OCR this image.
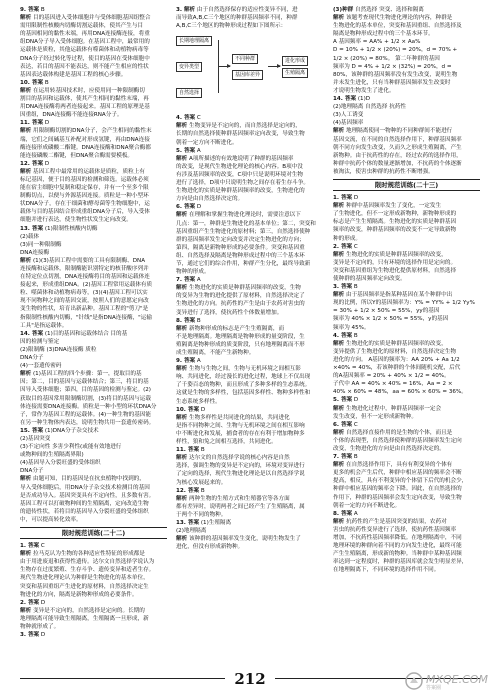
9. 答案 B
解析 目的基因进入受体细胞并与受体细胞基因组整合
需用限制性核酸内切酶切割运载体，使其产生与目
的基因相同的黏性末端，再用DNA连接酶连接，将重
组DNA分子导入受体细胞。在基因工程中，最常用的
运载体是质粒，其他运载体有噬菌体和动植物病毒等
DNA分子经过转化等过程，使目的基因在受体细胞中
表达，若目的基因不能表达，则不能产生相应的性状
基因表达载体构建是基因工程的核心步骤。
10. 答案 B
解析 在运用转基因技术时，应使用同一种限制酶切
割目的基因和运载体，使其产生相同的黏性末端，再
用DNA连接酶将两者连接起来。基因工程的原理是基
因重组，DNA连接酶不能连接RNA分子。
11. 答案 D
解析 用限制酶切割的DNA分子，会产生相同的黏性末
端，它们之间碱基互补配对形成氢键，再由DNA连接
酶连接形成磷酸二酯键。DNA连接酶和DNA聚合酶都
能连接磷酸二酯键，但DNA聚合酶需要模板。
12. 答案 D
解析 基因工程中最常用的运载体是质粒，质粒上有
标记基因，便于目的基因的检测和筛选。运载体必须
能在宿主细胞中复制和稳定保存，并有一个至多个限
制酶切点，以便与外源基因连接。质粒是一种小型环
状DNA分子，存在于细菌和酵母菌等生物细胞中，运
载体与目的基因结合形成重组DNA分子后，导入受体
细胞并进行表达，使生物性状发生定向改变。
13. 答案 (1)限制性核酸内切酶
(2)载体
(3)同一种限制酶
DNA连接酶
解析 (1)(3)基因工程中需要的工具有限制酶、DNA
连接酶和运载体，限制酶能识别特定的核苷酸序列并
在特定位点切割，DNA连接酶将目的基因和运载体连
接起来，形成重组DNA。(2)基因工程常用运载体有质
粒、噬菌体和动植物病毒等，(3)(4)基因工程可以实
现不同物种之间的基因交流，按照人们的意愿定向改
变生物的性状，培育出新品种。基因工程的"剪刀"是
指限制性核酸内切酶，"针线"是指DNA连接酶，"运输
工具"是指运载体。
14. 答案 (1)目的基因和运载体结合 目的基
因的检测与鉴定
(2)限制酶 (3)DNA连接酶 质粒
DNA分子
(4)一套遗传密码
解析 (1)基因工程的四个步骤：第一，提取目的基
因；第二，目的基因与运载体结合；第三，将目的基
因导入受体细胞；第四，目的基因的检测与鉴定。(2)
获取目的基因常用限制酶切割，(3)将目的基因与运载
体连接需要DNA连接酶。质粒是一种小型的环状DNA分
子，常作为基因工程的运载体。(4)一种生物的基因能
在另一种生物体内表达，说明生物共用一套遗传密码。
15. 答案 (1)DNA分子杂交技术
(2)基因突变
(3)不定向性 多害少利性(或能有效地进行
或物种间的生殖隔离界限)
(4)基因导入分裂旺盛的受体组织
DNA分子
解析 由题可知，目的基因是在抗虫植物中找到的，
导入受体细胞后，用DNA分子杂交技术检测目的基因
是否成功导入。基因突变具有不定向性，且多数有害。
基因工程可以打破物种间的生殖隔离，定向改造生物
的遗传性状，若将目的基因导入分裂旺盛的受体组织
中，可以提高转化效率。
限时规范训练(二十二)
1. 答案 C
解析 拉马克认为生物的各种适应性特征的形成都是
由于用进废退和获得性遗传。达尔文自然选择学说认为
生物存在过度繁殖、生存斗争、遗传变异和适者生存。
现代生物进化理论认为种群是生物进化的基本单位，
突变和基因重组产生进化的原材料，自然选择决定生
物进化的方向，隔离是新物种形成的必要条件。
2. 答案 D
解析 变异是不定向的，自然选择是定向的。长期的
地理隔离可能导致生殖隔离，生殖隔离一旦形成，新
物种就形成了。
3. 答案 D
3. 解析 由于自然选择保存的适应性变异不同，进
而导致A,B,C三个地区的种群基因频率不同，种群
A,B,C三个地区的物种形成过程如下图所示：
长期地理隔离
变异类型
自然选择
不同种群
基因库差异
进化形成
生殖隔离
4. 答案 C
解析 生物变异是不定向的，而自然选择是定向的，
长期的自然选择使种群基因频率定向改变，导致生物
朝着一定方向不断进化。
5. 答案 A
解析 A项所描述的有效地说明了种群的基因频率
的改变，是现代生物进化理论的核心内容。B项中没
有涉及基因频率的改变，C项中只是说明环境对生物
进行了选择，D项中只说明生物之间存在着生存斗争。
生物进化的实质是种群基因频率的改变，生物进化的
方向是由自然选择决定的。
6. 答案 D
解析 在理解和掌握生物进化理论时，需要注意以下
几点：第一，种群是生物进化的基本单位；第二，突变和
基因重组产生生物进化的原材料；第三，自然选择使种
群的基因频率发生定向改变并决定生物进化的方向；
第四，隔离是新物种形成的必要条件。突变和基因重
组、自然选择及隔离是物种形成过程中的三个基本环
节，通过它们的综合作用，种群产生分化，最终导致新
物种的形成。
7. 答案 A
解析 生物进化的实质是种群基因频率的改变，生物
的变异为生物的进化提供了原材料，自然选择决定了
生物进化的方向。抗药性的产生是由于农药对害虫的
变异进行了选择，使抗药性个体数量增加。
8. 答案 B
解析 新物种形成的标志是产生生殖隔离，而
不是地理隔离。地理隔离是物种形成的量变阶段，生
殖隔离是物种形成的质变阶段，只有地理隔离而不形
成生殖隔离，不能产生新物种。
9. 答案 A
解析 生物与生物之间，生物与无机环境之间相互影
响、共同进化，经过漫长的进化过程，地球上不仅出现
了千姿百态的物种，而且形成了多种多样的生态系统。
这就是生物的多样性，包括基因多样性、物种多样性和
生态系统多样性。
10. 答案 D
解析 生物多样性是共同进化的结果，共同进化
是指不同物种之间、生物与无机环境之间在相互影响
中不断进化和发展，捕食者的存在有利于增加物种多
样性，狼和兔之间相互选择，共同进化。
11. 答案 B
解析 达尔文的自然选择学说的核心内容是自然
选择，强调生物的变异是不定向的，环境对变异进行
了定向的选择，现代生物进化理论是以自然选择学说
为核心发展起来的。
12. 答案 B
解析 两种生物的生殖方式和生殖器官等各方面
都有差异时，说明两者之间已经产生了生殖隔离，属
于两个不同的物种。
13. 答案 (1)生殖隔离
(2)地理隔离
解析 该种群的基因频率发生变化，说明生物发生了
进化，但没有形成新物种。
(3)种群 自然选择 突变、选择和隔离
解析 该题考查现代生物进化理论的内容，种群是
生物进化的基本单位，突变和基因重组、自然选择及
隔离是物种形成过程中的三个基本环节。
A 基因频率 = AA% + 1/2 × Aa%
D = 10% + 1/2 × (20%) = 20%，d = 70% +
1/2 × (20%) = 80%。 第二年种群的基因
频率为 D = 4% + 1/2 × (32%) = 20%，d =
80%，该种群的基因频率没有发生改变，说明生物
并未发生进化，只有当种群基因频率发生改变时
才说明生物发生了进化。
14. 答案 (1)D
(2)地理隔离 自然选择 抗药性
(3)人工诱变
(4)基因频率
解析 地理隔离使同一物种的不同种群间不能进行
基因交流，在不同的自然选择作用下，种群基因频率
朝不同方向发生改变，久而久之形成生殖隔离，产生
新物种。由于抗药性的存在，经过农药的选择作用，
种群中抗药个体的数量逐渐增加，不抗药的个体逐渐
被淘汰，使害虫种群的抗药性不断增强。
限时规范训练(二十三)
1. 答案 D
解析 种群中基因频率发生了变化，一定发生
了生物进化，但不一定形成新物种，新物种形成的
标志是产生生殖隔离。生物进化的实质是种群基因
频率的改变，种群基因频率的改变不一定导致新物
种的形成。
2. 答案 C
解析 生物进化的实质是种群基因频率的改变，
变异是不定向的，只有环境的选择作用是定向的。
突变和基因重组为生物进化提供原材料，自然选择
使种群的基因频率定向改变。
3. 答案 B
解析 由于基因频率是指某种基因在某个种群中出
现的比例，所以Y的基因频率为：Y% = YY% + 1/2 Yy%
= 30% + 1/2 × 50% = 55%，yy的基因
频率为 40% × 1/2 × 50% = 55%，y的基因
频率为 45%。
4. 答案 B
解析 生物进化的实质是种群基因频率的改变，
变异提供了生物进化的原材料，自然选择决定生物
进化的方向。 A基因的频率为：AA 20% + Aa 1/2
×40% = 40%，若该种群的个体间随机交配，后代
的A基因频率 = 20% + 40% × 1/2 = 40%。
子代中 AA = 40% × 40% = 16%，Aa = 2 ×
40% × 60% = 48%，aa = 60% × 60% = 36%。
5. 答案 D
解析 生物进化过程中，种群基因频率一定会
发生改变，但不一定形成新物种。
6. 答案 C
解析 自然选择直接作用的是生物的个体，而且是
个体的表现型，自然选择使种群的基因频率发生定向
改变，生物进化的方向是由自然选择决定的。
7. 答案 B
解析 在自然选择作用下，具有有利变异的个体有
更多的机会产生后代，种群中相应基因的频率会不断
提高，相反，具有不利变异的个体留下后代的机会少，
种群中相应基因的频率会下降。因此，在自然选择的
作用下，种群的基因频率会发生定向改变，导致生物
朝着一定的方向不断进化。
8. 答案 A
解析 抗药性的产生是基因突变的结果，农药对
害虫的抗药性变异进行了选择，使抗药性基因频率
增加，不抗药性基因频率降低。在地理隔离中，不同
地理环境的种群向着不同的方向发生进化，最终可能
产生生殖隔离，形成新的物种。当种群中某种基因频
率达到一定程度时，种群的基因库就会发生明显差异，
在地理隔离下，不同环境的选择作用不同。
212	MXQE.COM
答案圈
